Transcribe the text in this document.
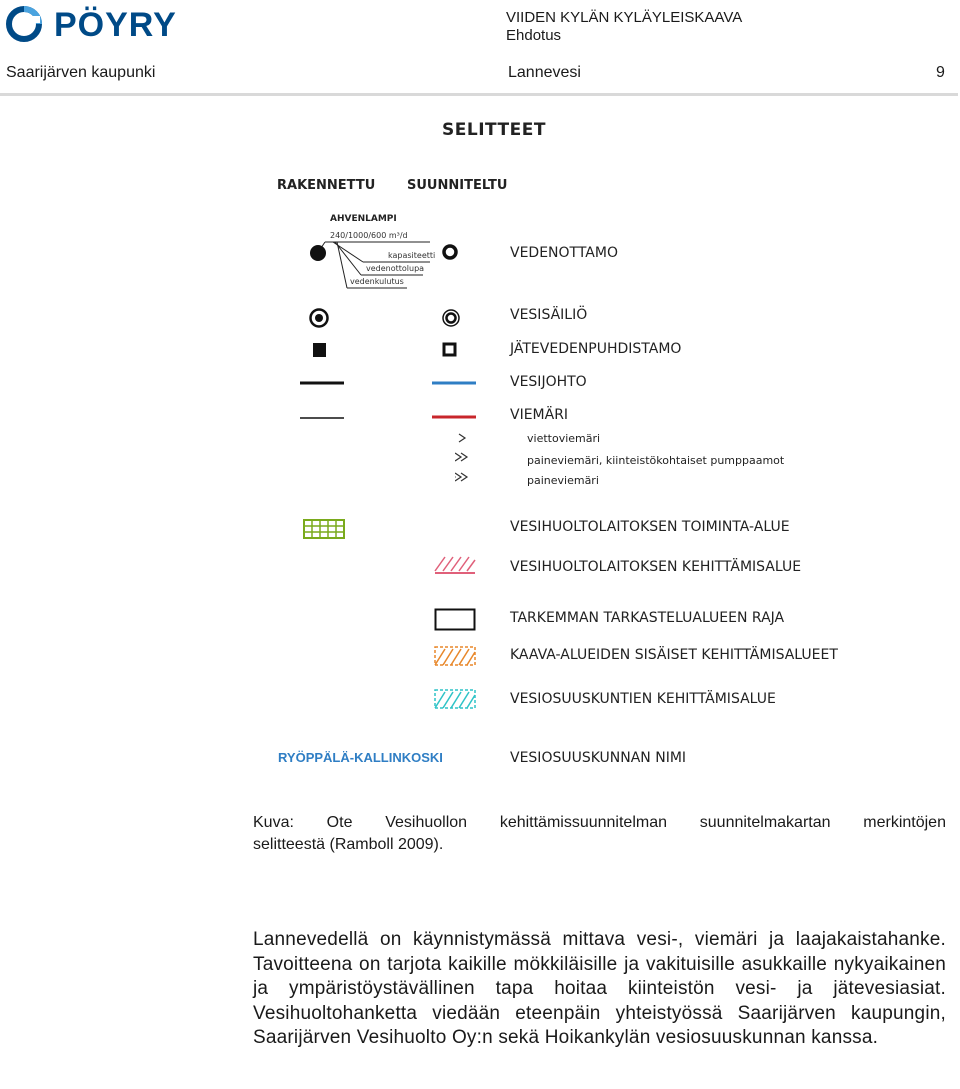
PÖYRY	VIIDEN KYLÄN KYLÄYLEISKAAVA
Ehdotus
Saarijärven kaupunki	Lannevesi	9
SELITTEET
RAKENNETTU SUUNNITELTU
AHVENLAMPI
240/1000/600 m³/d
kapasiteetti
vedenottolupa
vedenkulutus
VEDENOTTAMO
VESISÄILIÖ
JÄTEVEDENPUHDISTAMO
VESIJOHTO
VIEMÄRI
viettoviemäri
paineviemäri, kiinteistökohtaiset pumppaamot
paineviemäri
VESIHUOLTOLAITOKSEN TOIMINTA-ALUE
VESIHUOLTOLAITOKSEN KEHITTÄMISALUE
TARKEMMAN TARKASTELUALUEEN RAJA
KAAVA-ALUEIDEN SISÄISET KEHITTÄMISALUEET
VESIOSUUSKUNTIEN KEHITTÄMISALUE
RYÖPPÄLÄ-KALLINKOSKI	VESIOSUUSKUNNAN NIMI
Kuva: Ote Vesihuollon kehittämissuunnitelman suunnitelmakartan merkintöjen
selitteestä (Ramboll 2009).
Lannevedellä on käynnistymässä mittava vesi-, viemäri ja laajakaistahanke. Tavoitteena on tarjota kaikille mökkiläisille ja vakituisille asukkaille nykyaikainen ja ympäristöystävällinen tapa hoitaa kiinteistön vesi- ja jätevesiasiat. Vesihuoltohanketta viedään eteenpäin yhteistyössä Saarijärven kaupungin, Saarijärven Vesihuolto Oy:n sekä Hoikankylän vesiosuuskunnan kanssa.
